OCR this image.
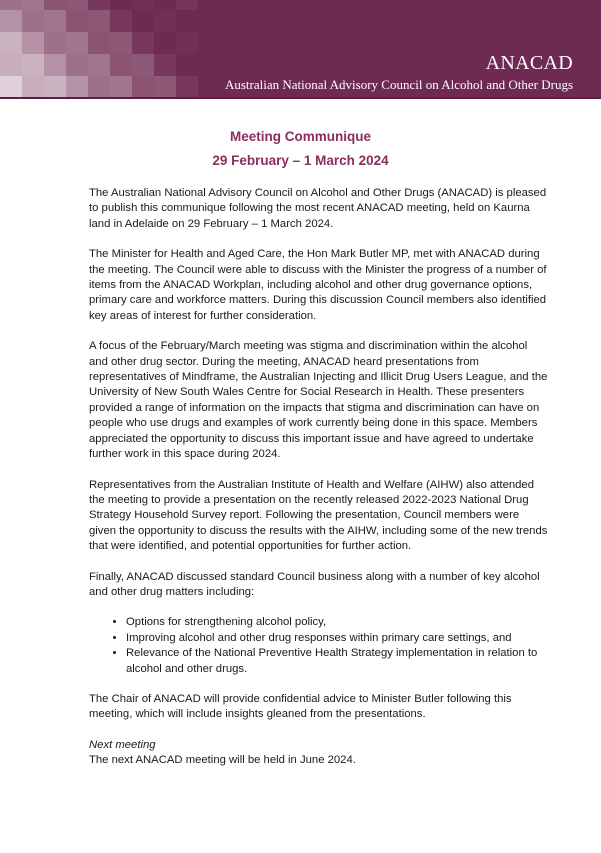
ANACAD
Australian National Advisory Council on Alcohol and Other Drugs
Meeting Communique
29 February – 1 March 2024

The Australian National Advisory Council on Alcohol and Other Drugs (ANACAD) is pleased to publish this communique following the most recent ANACAD meeting, held on Kaurna land in Adelaide on 29 February – 1 March 2024.

The Minister for Health and Aged Care, the Hon Mark Butler MP, met with ANACAD during the meeting. The Council were able to discuss with the Minister the progress of a number of items from the ANACAD Workplan, including alcohol and other drug governance options, primary care and workforce matters. During this discussion Council members also identified key areas of interest for further consideration.

A focus of the February/March meeting was stigma and discrimination within the alcohol and other drug sector. During the meeting, ANACAD heard presentations from representatives of Mindframe, the Australian Injecting and Illicit Drug Users League, and the University of New South Wales Centre for Social Research in Health. These presenters provided a range of information on the impacts that stigma and discrimination can have on people who use drugs and examples of work currently being done in this space. Members appreciated the opportunity to discuss this important issue and have agreed to undertake further work in this space during 2024.

Representatives from the Australian Institute of Health and Welfare (AIHW) also attended the meeting to provide a presentation on the recently released 2022-2023 National Drug Strategy Household Survey report. Following the presentation, Council members were given the opportunity to discuss the results with the AIHW, including some of the new trends that were identified, and potential opportunities for further action.

Finally, ANACAD discussed standard Council business along with a number of key alcohol and other drug matters including:

• Options for strengthening alcohol policy,
• Improving alcohol and other drug responses within primary care settings, and
• Relevance of the National Preventive Health Strategy implementation in relation to alcohol and other drugs.

The Chair of ANACAD will provide confidential advice to Minister Butler following this meeting, which will include insights gleaned from the presentations.

Next meeting
The next ANACAD meeting will be held in June 2024.
